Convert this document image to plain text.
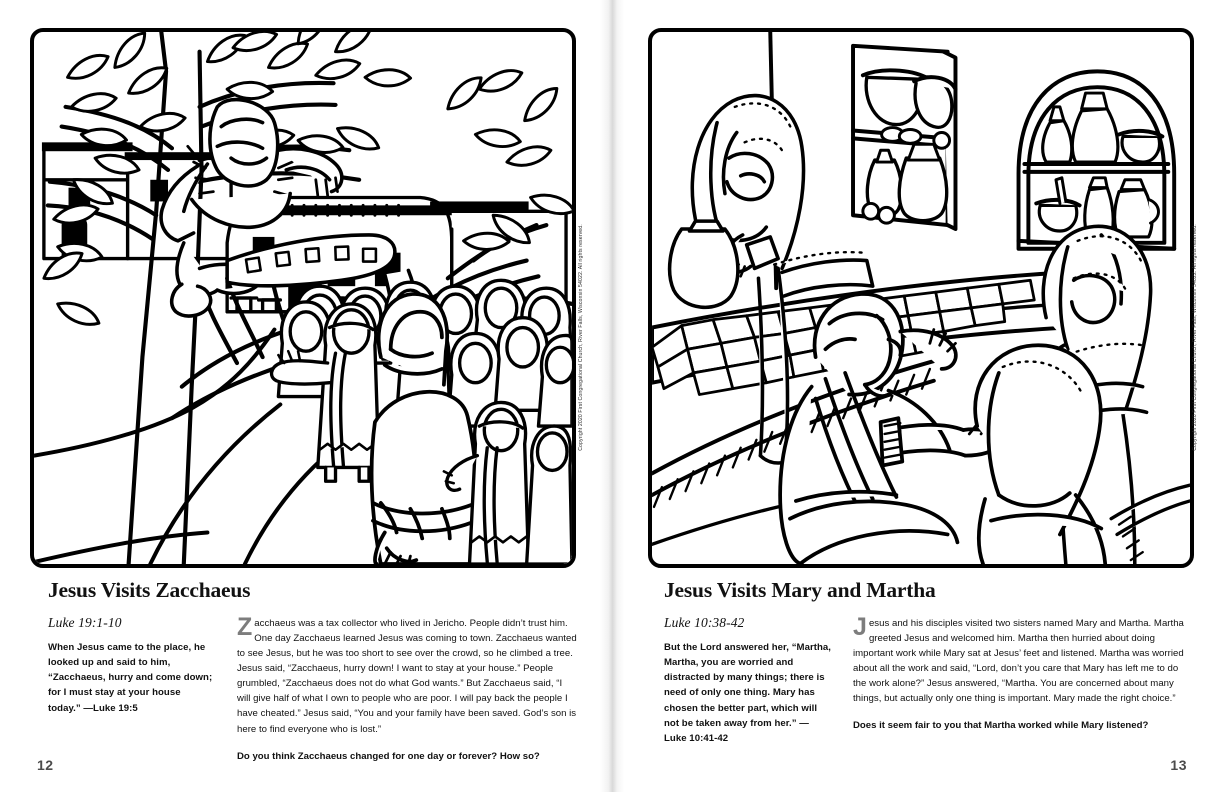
Copyright 2020 First Congregational Church, River Falls, Wisconsin 54022. All rights reserved.
Jesus Visits Zacchaeus

Luke 19:1-10

When Jesus came to the place, he looked up and said to him, “Zacchaeus, hurry and come down; for I must stay at your house today.” —Luke 19:5

Zacchaeus was a tax collector who lived in Jericho. People didn’t trust him. One day Zacchaeus learned Jesus was coming to town. Zacchaeus wanted to see Jesus, but he was too short to see over the crowd, so he climbed a tree. Jesus said, “Zacchaeus, hurry down! I want to stay at your house.” People grumbled, “Zacchaeus does not do what God wants.” But Zacchaeus said, “I will give half of what I own to people who are poor. I will pay back the people I have cheated.” Jesus said, “You and your family have been saved. God’s son is here to find everyone who is lost.”

Do you think Zacchaeus changed for one day or forever? How so?

12
Copyright 2020 First Congregational Church, River Falls, Wisconsin 54022. All rights reserved.
Jesus Visits Mary and Martha

Luke 10:38-42

But the Lord answered her, “Martha, Martha, you are worried and distracted by many things; there is need of only one thing. Mary has chosen the better part, which will not be taken away from her.” —Luke 10:41-42

Jesus and his disciples visited two sisters named Mary and Martha. Martha greeted Jesus and welcomed him. Martha then hurried about doing important work while Mary sat at Jesus’ feet and listened. Martha was worried about all the work and said, “Lord, don’t you care that Mary has left me to do the work alone?” Jesus answered, “Martha. You are concerned about many things, but actually only one thing is important. Mary made the right choice.”

Does it seem fair to you that Martha worked while Mary listened?

13
